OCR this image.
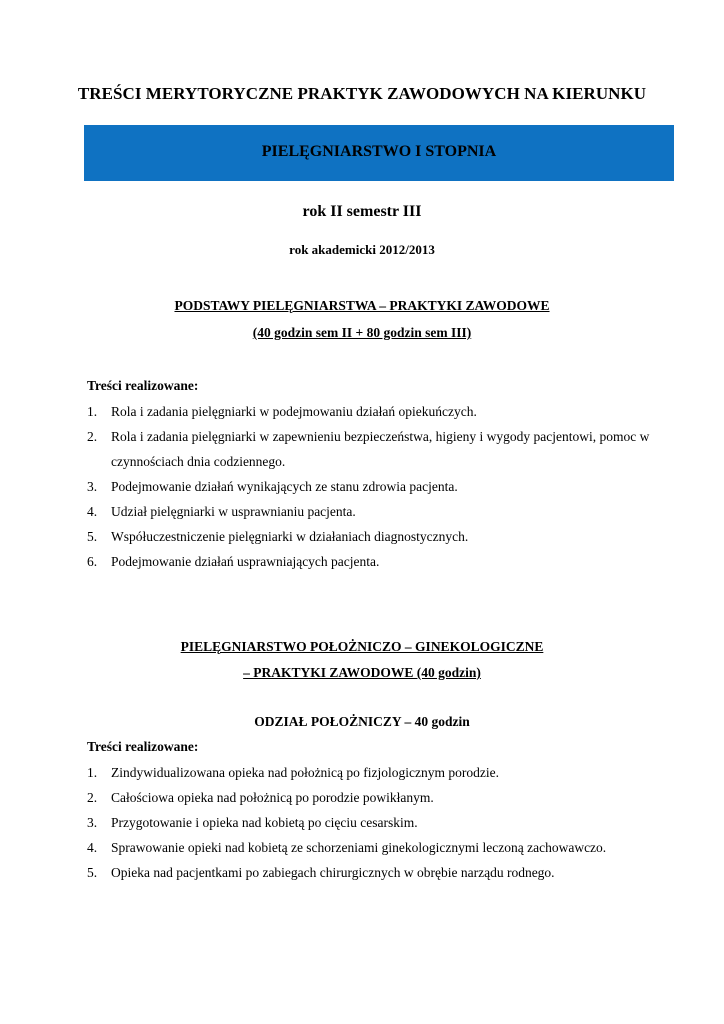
TREŚCI MERYTORYCZNE PRAKTYK ZAWODOWYCH NA KIERUNKU
PIELĘGNIARSTWO I STOPNIA
rok II semestr III
rok akademicki 2012/2013
PODSTAWY PIELĘGNIARSTWA – PRAKTYKI ZAWODOWE
(40 godzin sem II + 80 godzin sem III)
Treści realizowane:
1. Rola i zadania pielęgniarki w podejmowaniu działań opiekuńczych.
2. Rola i zadania pielęgniarki w zapewnieniu bezpieczeństwa, higieny i wygody pacjentowi, pomoc w czynnościach dnia codziennego.
3. Podejmowanie działań wynikających ze stanu zdrowia pacjenta.
4. Udział pielęgniarki w usprawnianiu pacjenta.
5. Współuczestniczenie pielęgniarki w działaniach diagnostycznych.
6. Podejmowanie działań usprawniających pacjenta.
PIELĘGNIARSTWO POŁOŻNICZO – GINEKOLOGICZNE
– PRAKTYKI ZAWODOWE (40 godzin)
ODZIAŁ POŁOŻNICZY – 40 godzin
Treści realizowane:
1. Zindywidualizowana opieka nad położnicą po fizjologicznym porodzie.
2. Całościowa opieka nad położnicą po porodzie powikłanym.
3. Przygotowanie i opieka nad kobietą po cięciu cesarskim.
4. Sprawowanie opieki nad kobietą ze schorzeniami ginekologicznymi leczoną zachowawczo.
5. Opieka nad pacjentkami po zabiegach chirurgicznych w obrębie narządu rodnego.
